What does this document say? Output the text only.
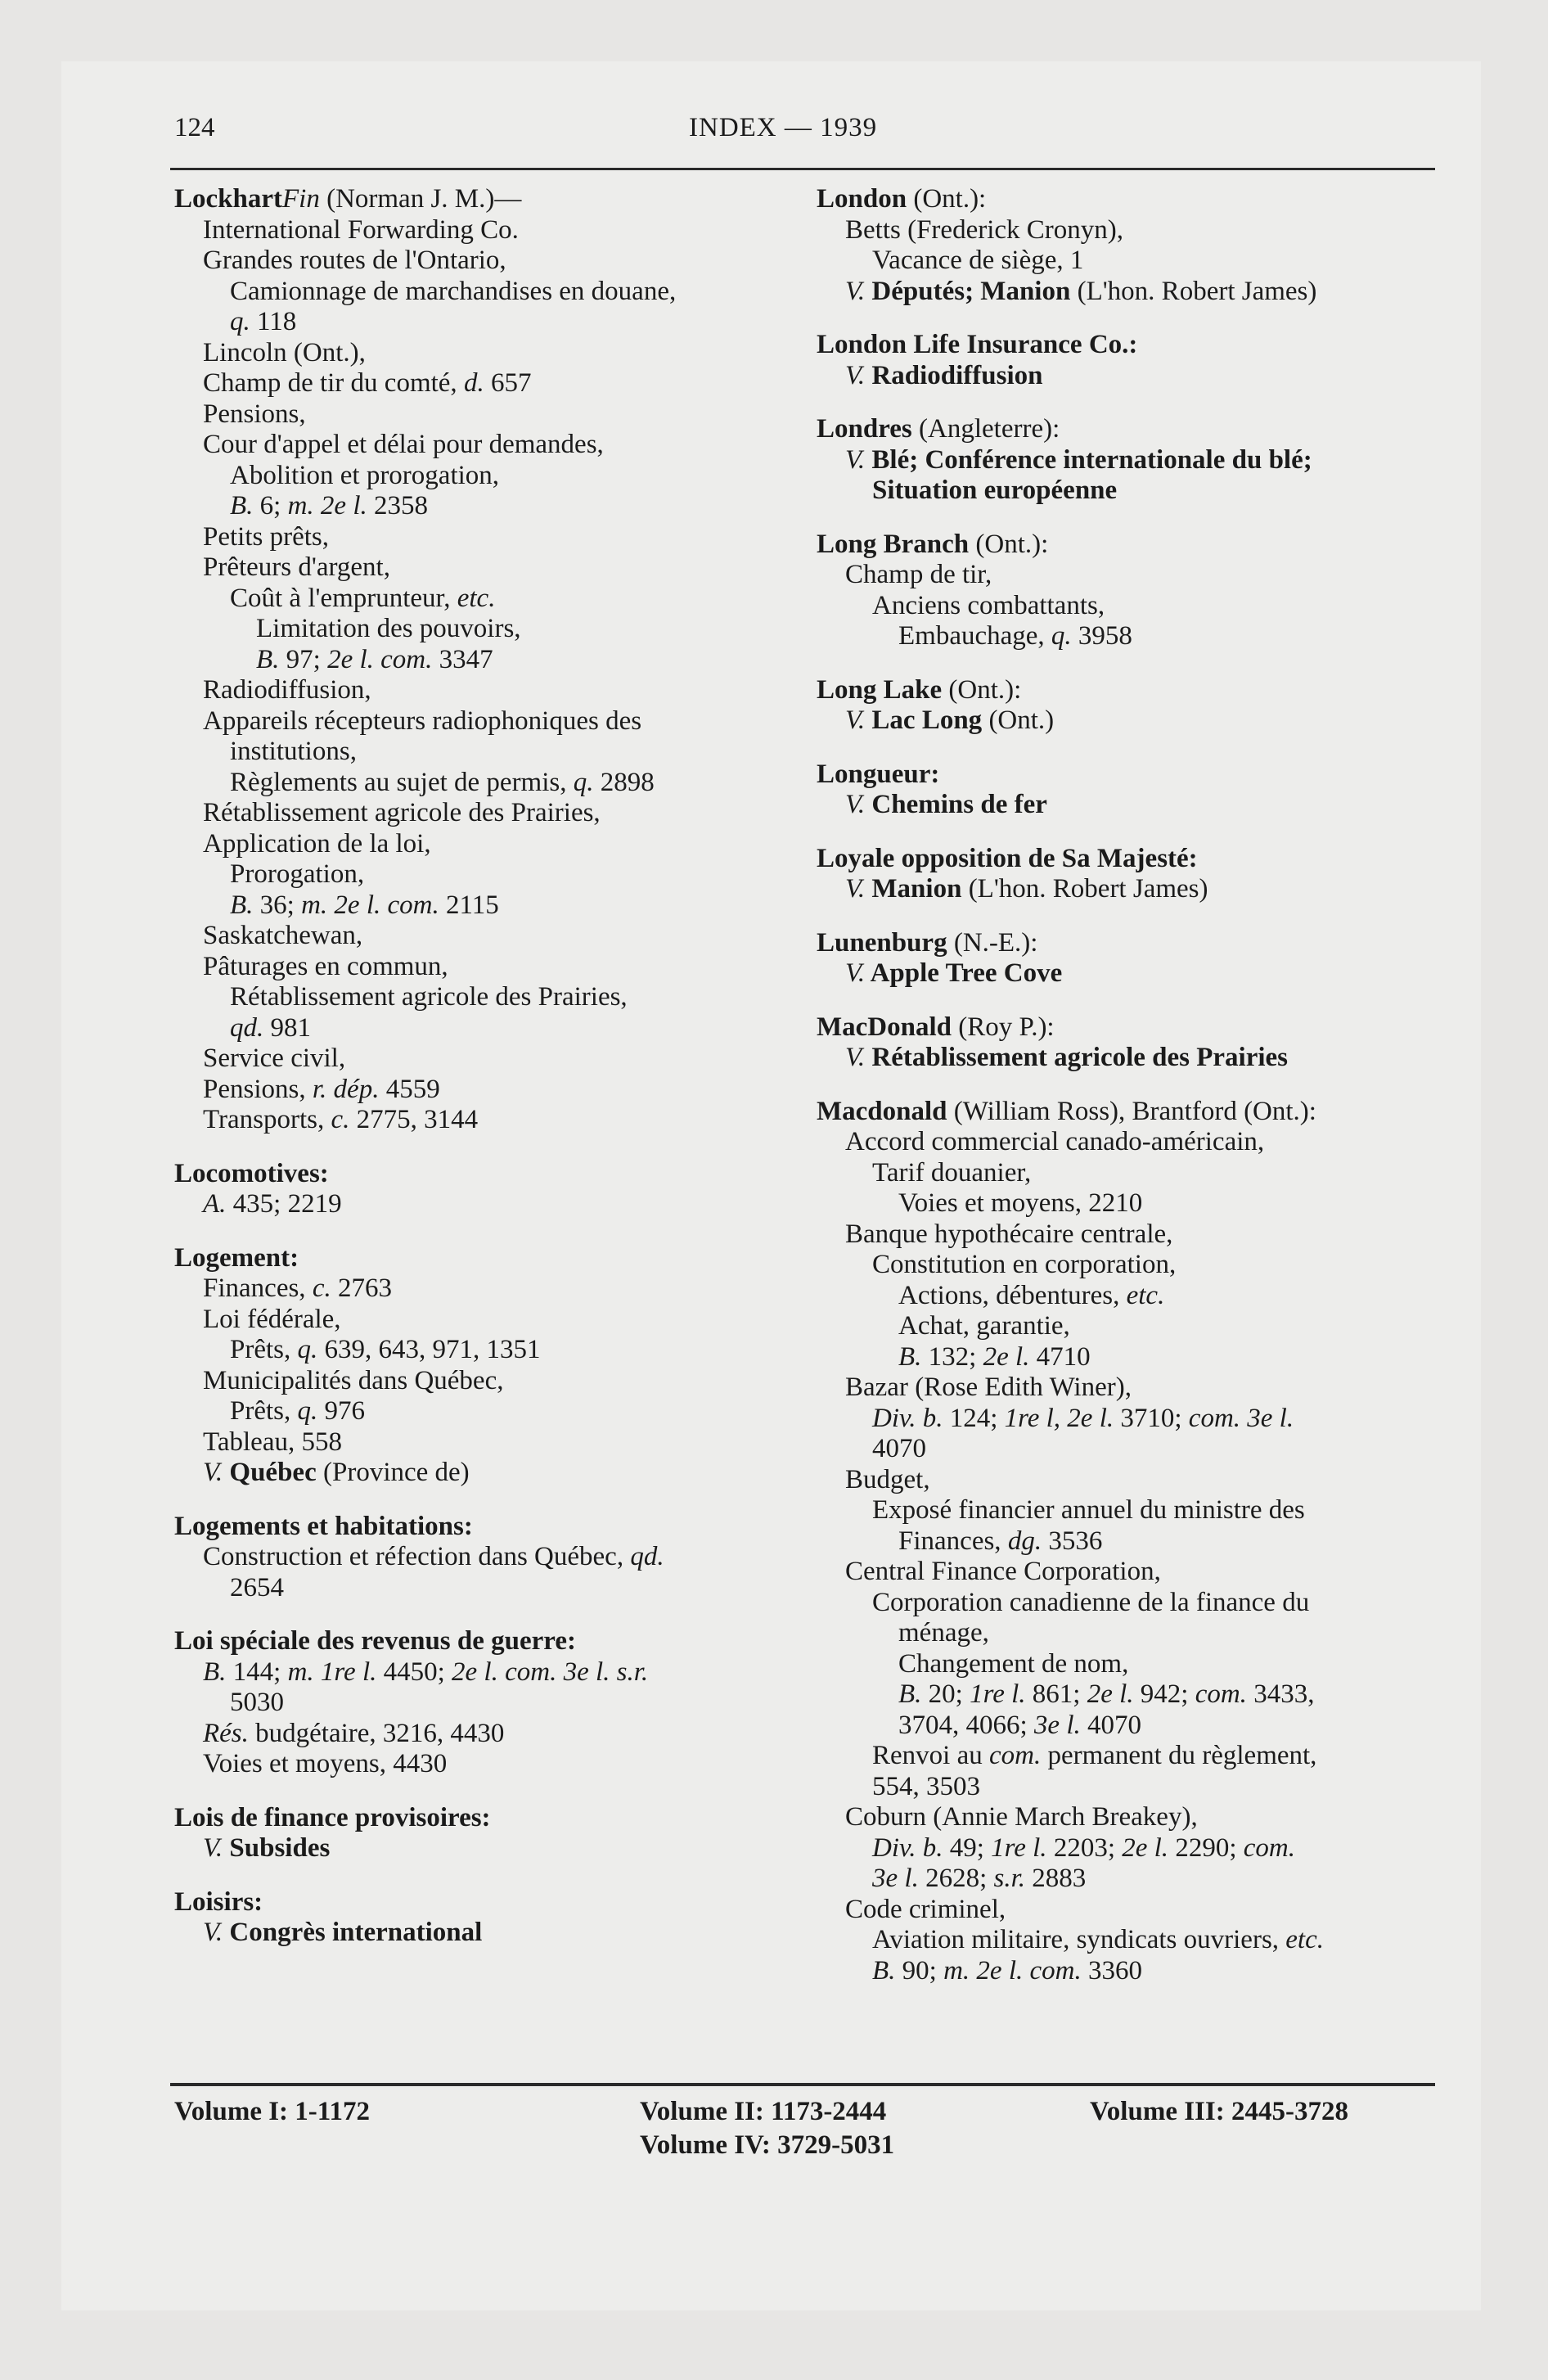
124	INDEX — 1939
LockhartFin (Norman J. M.)—
International Forwarding Co.
Grandes routes de l'Ontario,
Camionnage de marchandises en douane,
q. 118
Lincoln (Ont.),
Champ de tir du comté, d. 657
Pensions,
Cour d'appel et délai pour demandes,
Abolition et prorogation,
B. 6; m. 2e l. 2358
Petits prêts,
Prêteurs d'argent,
Coût à l'emprunteur, etc.
Limitation des pouvoirs,
B. 97; 2e l. com. 3347
Radiodiffusion,
Appareils récepteurs radiophoniques des
institutions,
Règlements au sujet de permis, q. 2898
Rétablissement agricole des Prairies,
Application de la loi,
Prorogation,
B. 36; m. 2e l. com. 2115
Saskatchewan,
Pâturages en commun,
Rétablissement agricole des Prairies,
qd. 981
Service civil,
Pensions, r. dép. 4559
Transports, c. 2775, 3144
Locomotives:
A. 435; 2219
Logement:
Finances, c. 2763
Loi fédérale,
Prêts, q. 639, 643, 971, 1351
Municipalités dans Québec,
Prêts, q. 976
Tableau, 558
V. Québec (Province de)
Logements et habitations:
Construction et réfection dans Québec, qd.
2654
Loi spéciale des revenus de guerre:
B. 144; m. 1re l. 4450; 2e l. com. 3e l. s.r.
5030
Rés. budgétaire, 3216, 4430
Voies et moyens, 4430
Lois de finance provisoires:
V. Subsides
Loisirs:
V. Congrès international
London (Ont.):
Betts (Frederick Cronyn),
Vacance de siège, 1
V. Députés; Manion (L'hon. Robert James)
London Life Insurance Co.:
V. Radiodiffusion
Londres (Angleterre):
V. Blé; Conférence internationale du blé;
Situation européenne
Long Branch (Ont.):
Champ de tir,
Anciens combattants,
Embauchage, q. 3958
Long Lake (Ont.):
V. Lac Long (Ont.)
Longueur:
V. Chemins de fer
Loyale opposition de Sa Majesté:
V. Manion (L'hon. Robert James)
Lunenburg (N.-E.):
V. Apple Tree Cove
MacDonald (Roy P.):
V. Rétablissement agricole des Prairies
Macdonald (William Ross), Brantford (Ont.):
Accord commercial canado-américain,
Tarif douanier,
Voies et moyens, 2210
Banque hypothécaire centrale,
Constitution en corporation,
Actions, débentures, etc.
Achat, garantie,
B. 132; 2e l. 4710
Bazar (Rose Edith Winer),
Div. b. 124; 1re l, 2e l. 3710; com. 3e l.
4070
Budget,
Exposé financier annuel du ministre des
Finances, dg. 3536
Central Finance Corporation,
Corporation canadienne de la finance du
ménage,
Changement de nom,
B. 20; 1re l. 861; 2e l. 942; com. 3433,
3704, 4066; 3e l. 4070
Renvoi au com. permanent du règlement,
554, 3503
Coburn (Annie March Breakey),
Div. b. 49; 1re l. 2203; 2e l. 2290; com.
3e l. 2628; s.r. 2883
Code criminel,
Aviation militaire, syndicats ouvriers, etc.
B. 90; m. 2e l. com. 3360
Volume I: 1-1172	Volume II: 1173-2444
Volume IV: 3729-5031
Volume III: 2445-3728
